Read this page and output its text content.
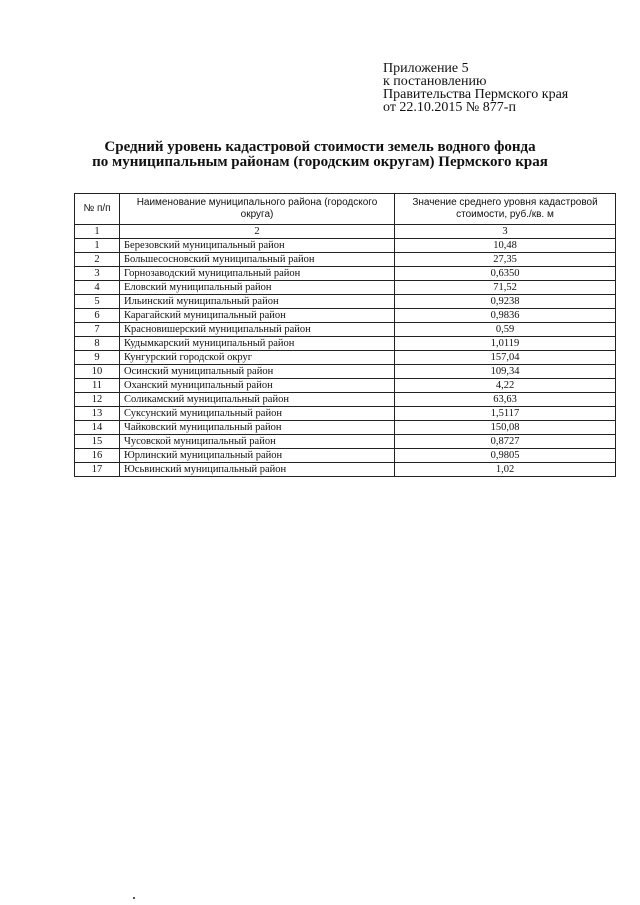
Приложение 5
к постановлению
Правительства Пермского края
от 22.10.2015 № 877-п
Средний уровень кадастровой стоимости земель водного фонда
по муниципальным районам (городским округам) Пермского края
№ п/п	Наименование муниципального района (городского округа)	Значение среднего уровня кадастровой стоимости, руб./кв. м
1	2	3
1	Березовский муниципальный район	10,48
2	Большесосновский муниципальный район	27,35
3	Горнозаводский муниципальный район	0,6350
4	Еловский муниципальный район	71,52
5	Ильинский муниципальный район	0,9238
6	Карагайский муниципальный район	0,9836
7	Красновишерский муниципальный район	0,59
8	Кудымкарский муниципальный район	1,0119
9	Кунгурский городской округ	157,04
10	Осинский муниципальный район	109,34
11	Оханский муниципальный район	4,22
12	Соликамский муниципальный район	63,63
13	Суксунский муниципальный район	1,5117
14	Чайковский муниципальный район	150,08
15	Чусовской муниципальный район	0,8727
16	Юрлинский муниципальный район	0,9805
17	Юсьвинский муниципальный район	1,02
